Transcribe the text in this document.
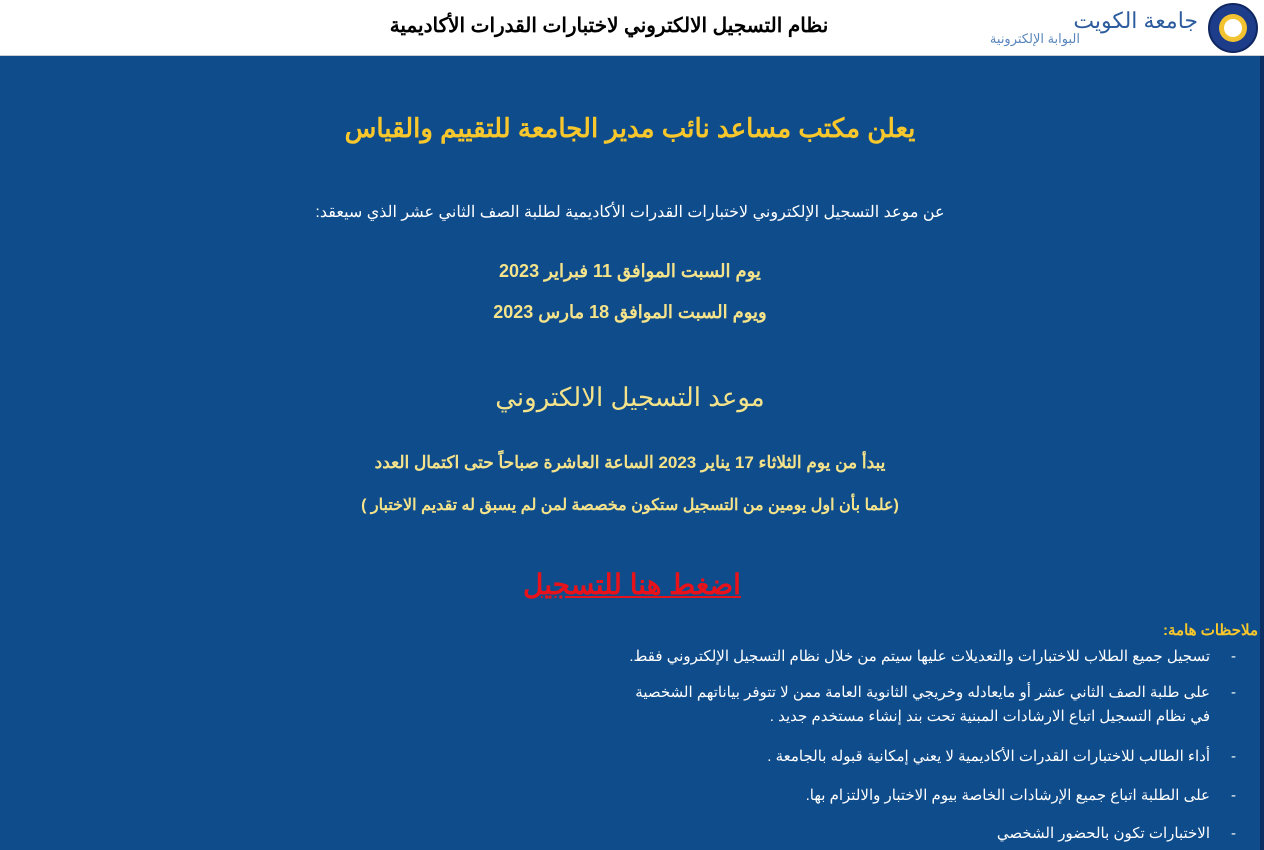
نظام التسجيل الالكتروني لاختبارات القدرات الأكاديمية	جامعة الكويت
البوابة الإلكترونية
يعلن مكتب مساعد نائب مدير الجامعة للتقييم والقياس
عن موعد التسجيل الإلكتروني لاختبارات القدرات الأكاديمية لطلبة الصف الثاني عشر الذي سيعقد:
يوم السبت الموافق 11 فبراير 2023
ويوم السبت الموافق 18 مارس 2023
موعد التسجيل الالكتروني
يبدأ من يوم الثلاثاء 17 يناير 2023 الساعة العاشرة صباحاً حتى اكتمال العدد
(علما بأن اول يومين من التسجيل ستكون مخصصة لمن لم يسبق له تقديم الاختبار )
اضغط هنا للتسجيل
ملاحظات هامة:
-
تسجيل جميع الطلاب للاختبارات والتعديلات عليها سيتم من خلال نظام التسجيل الإلكتروني فقط.
-
على طلبة الصف الثاني عشر أو مايعادله وخريجي الثانوية العامة ممن لا تتوفر بياناتهم الشخصية
في نظام التسجيل اتباع الارشادات المبنية تحت بند إنشاء مستخدم جديد .
-
أداء الطالب للاختبارات القدرات الأكاديمية لا يعني إمكانية قبوله بالجامعة .
-
على الطلبة اتباع جميع الإرشادات الخاصة بيوم الاختبار والالتزام بها.
-
الاختبارات تكون بالحضور الشخصي
